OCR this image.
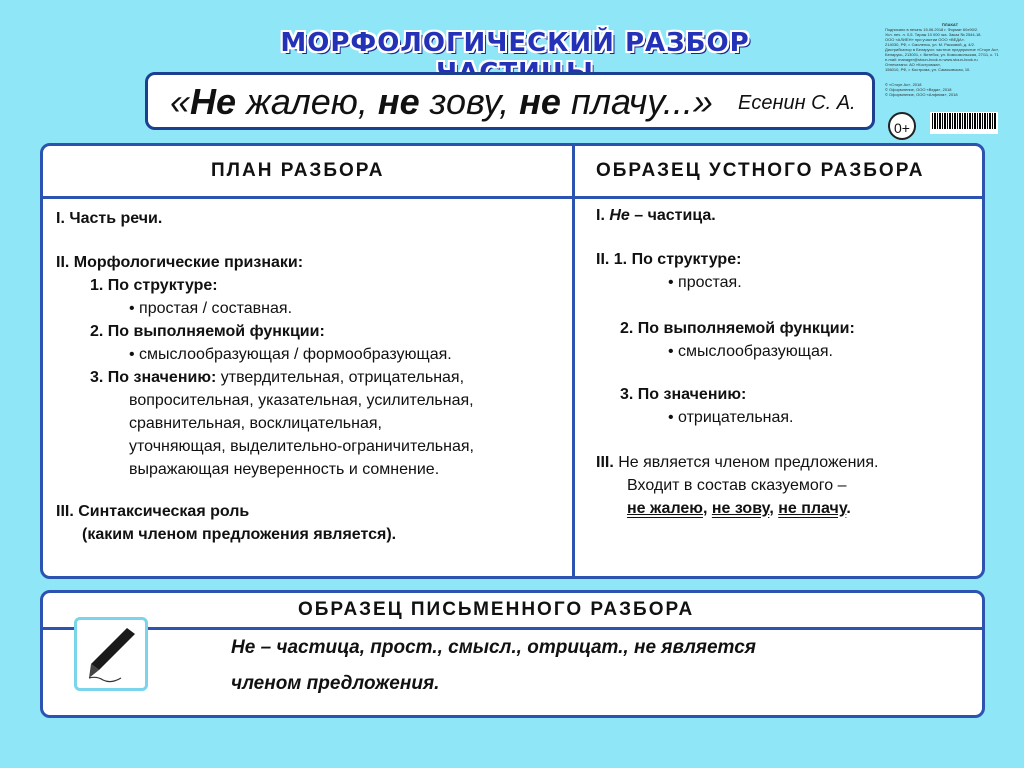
МОРФОЛОГИЧЕСКИЙ РАЗБОР
«Не жалею, не зову, не плачу...» Есенин С. А.
ПЛАКАТ
Подписано в печать 15.06.2018 г. Формат 60х90/2.
Усл. печ. л. 0,5. Тираж 10 000 экз. Заказ № 2544-18.
ООО «АЛИЕН» при участии ООО «ВЕДА».
214030, РФ, г. Смоленск, ул. М. Расковой, д. 4/2.
Дистрибьютор в Беларуси: частное предприятие «Стоун Ас»,
Беларусь, 213001, г. Витебск, ул. Комсомольская, 27/11, к. 71
e-mail: manager@stoun-book.ru www.stoun-book.ru
Отпечатано: АО «Костромка»,
156010, РФ, г. Кострома, ул. Самоковская, 10.
© «Стоун Ас», 2018
© Оформление, ООО «Веда», 2018
© Оформление, ООО «Алфеим», 2018
0+
ПЛАН РАЗБОРА	ОБРАЗЕЦ УСТНОГО РАЗБОРА
I. Часть речи.
II. Морфологические признаки:
1. По структуре:
• простая / составная.
2. По выполняемой функции:
• смыслообразующая / формообразующая.
3. По значению: утвердительная, отрицательная,
вопросительная, указательная, усилительная,
сравнительная, восклицательная,
уточняющая, выделительно-ограничительная,
выражающая неуверенность и сомнение.
III. Синтаксическая роль
(каким членом предложения является).
I. Не – частица.
II. 1. По структуре:
• простая.
2. По выполняемой функции:
• смыслообразующая.
3. По значению:
• отрицательная.
III. Не является членом предложения.
Входит в состав сказуемого –
не жалею, не зову, не плачу.
ОБРАЗЕЦ ПИСЬМЕННОГО РАЗБОРА
Не – частица, прост., смысл., отрицат., не является
членом предложения.
